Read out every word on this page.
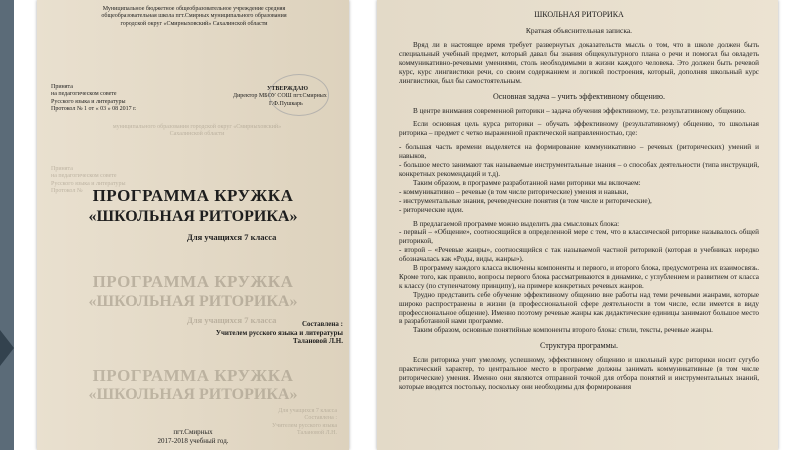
Муниципальное бюджетное общеобразовательное учреждение средняя общеобразовательная школа пгт.Смирных муниципального образования городской округ «Смирныховский» Сахалинской области
Принята
на педагогическом совете
Русского языка и литературы
Протокол № 1 от « 03 » 08 2017 г.
УТВЕРЖДАЮ
Директор МБОУ СОШ пгт.Смирных
Г.Ф.Пушкарь
муниципального образования городской округ «Смирныховский» Сахалинской области
Принята
на педагогическом совете
Русского языка и литературы
Протокол № ПРОГРАММА КРУЖКА
«ШКОЛЬНАЯ РИТОРИКА»
Для учащихся 7 класса
ПРОГРАММА КРУЖКА
«ШКОЛЬНАЯ РИТОРИКА»
Для учащихся 7 класса	Составлена :
Учителем русского языка и литературы
Талановой Л.Н.
ПРОГРАММА КРУЖКА
«ШКОЛЬНАЯ РИТОРИКА»
Для учащихся 7 класса
Составлена :
Учителем русского языка
Талановой Л.Н.
пгт.Смирных
2017-2018 учебный год.
ШКОЛЬНАЯ РИТОРИКА
Краткая объяснительная записка.

Вряд ли в настоящее время требует развернутых доказательств мысль о том, что в школе должен быть специальный учебный предмет, который давал бы знания общекультурного плана о речи и помогал бы овладеть коммуникативно-речевыми умениями, столь необходимыми в жизни каждого человека. Это должен быть речевой курс, курс лингвистики речи, со своим содержанием и логикой построения, который, дополняя школьный курс лингвистики, был бы самостоятельным.

Основная задача – учить эффективному общению.

В центре внимания современной риторики – задача обучения эффективному, т.е. результативному общению.

Если основная цель курса риторики – обучать эффективному (результативному) общению, то школьная риторика – предмет с четко выраженной практической направленностью, где:

- большая часть времени выделяется на формирование коммуникативно – речевых (риторических) умений и навыков,

- большое место занимают так называемые инструментальные знания – о способах деятельности (типа инструкций, конкретных рекомендаций и т.д).

Таким образом, в программе разработанной нами риторики мы включаем:

- коммуникативно – речевые (в том числе риторические) умения и навыки,
- инструментальные знания, речеведческие понятия (в том числе и риторические),
- риторические идеи.

В предлагаемой программе можно выделить два смысловых блока:

- первый – «Общение», соотносящийся в определенной мере с тем, что в классической риторике называлось общей риторикой,

- второй – «Речевые жанры», соотносящийся с так называемой частной риторикой (которая в учебниках нередко обозначалась как «Роды, виды, жанры»).

В программу каждого класса включены компоненты и первого, и второго блока, предусмотрена их взаимосвязь. Кроме того, как правило, вопросы первого блока рассматриваются в динамике, с углублением и развитием от класса к классу (по ступенчатому принципу), на примере конкретных речевых жанров.

Трудно представить себе обучение эффективному общению вне работы над теми речевыми жанрами, которые широко распространены в жизни (в профессиональной сфере деятельности в том числе, если имеется в виду профессиональное общение). Именно поэтому речевые жанры как дидактические единицы занимают большое место в разработанной нами программе.

Таким образом, основные понятийные компоненты второго блока: стили, тексты, речевые жанры.

Структура программы.

Если риторика учит умелому, успешному, эффективному общению и школьный курс риторики носит сугубо практический характер, то центральное место в программе должны занимать коммуникативные (в том числе риторические) умения. Именно они являются отправной точкой для отбора понятий и инструментальных знаний, которые вводятся постольку, поскольку они необходимы для формирования
